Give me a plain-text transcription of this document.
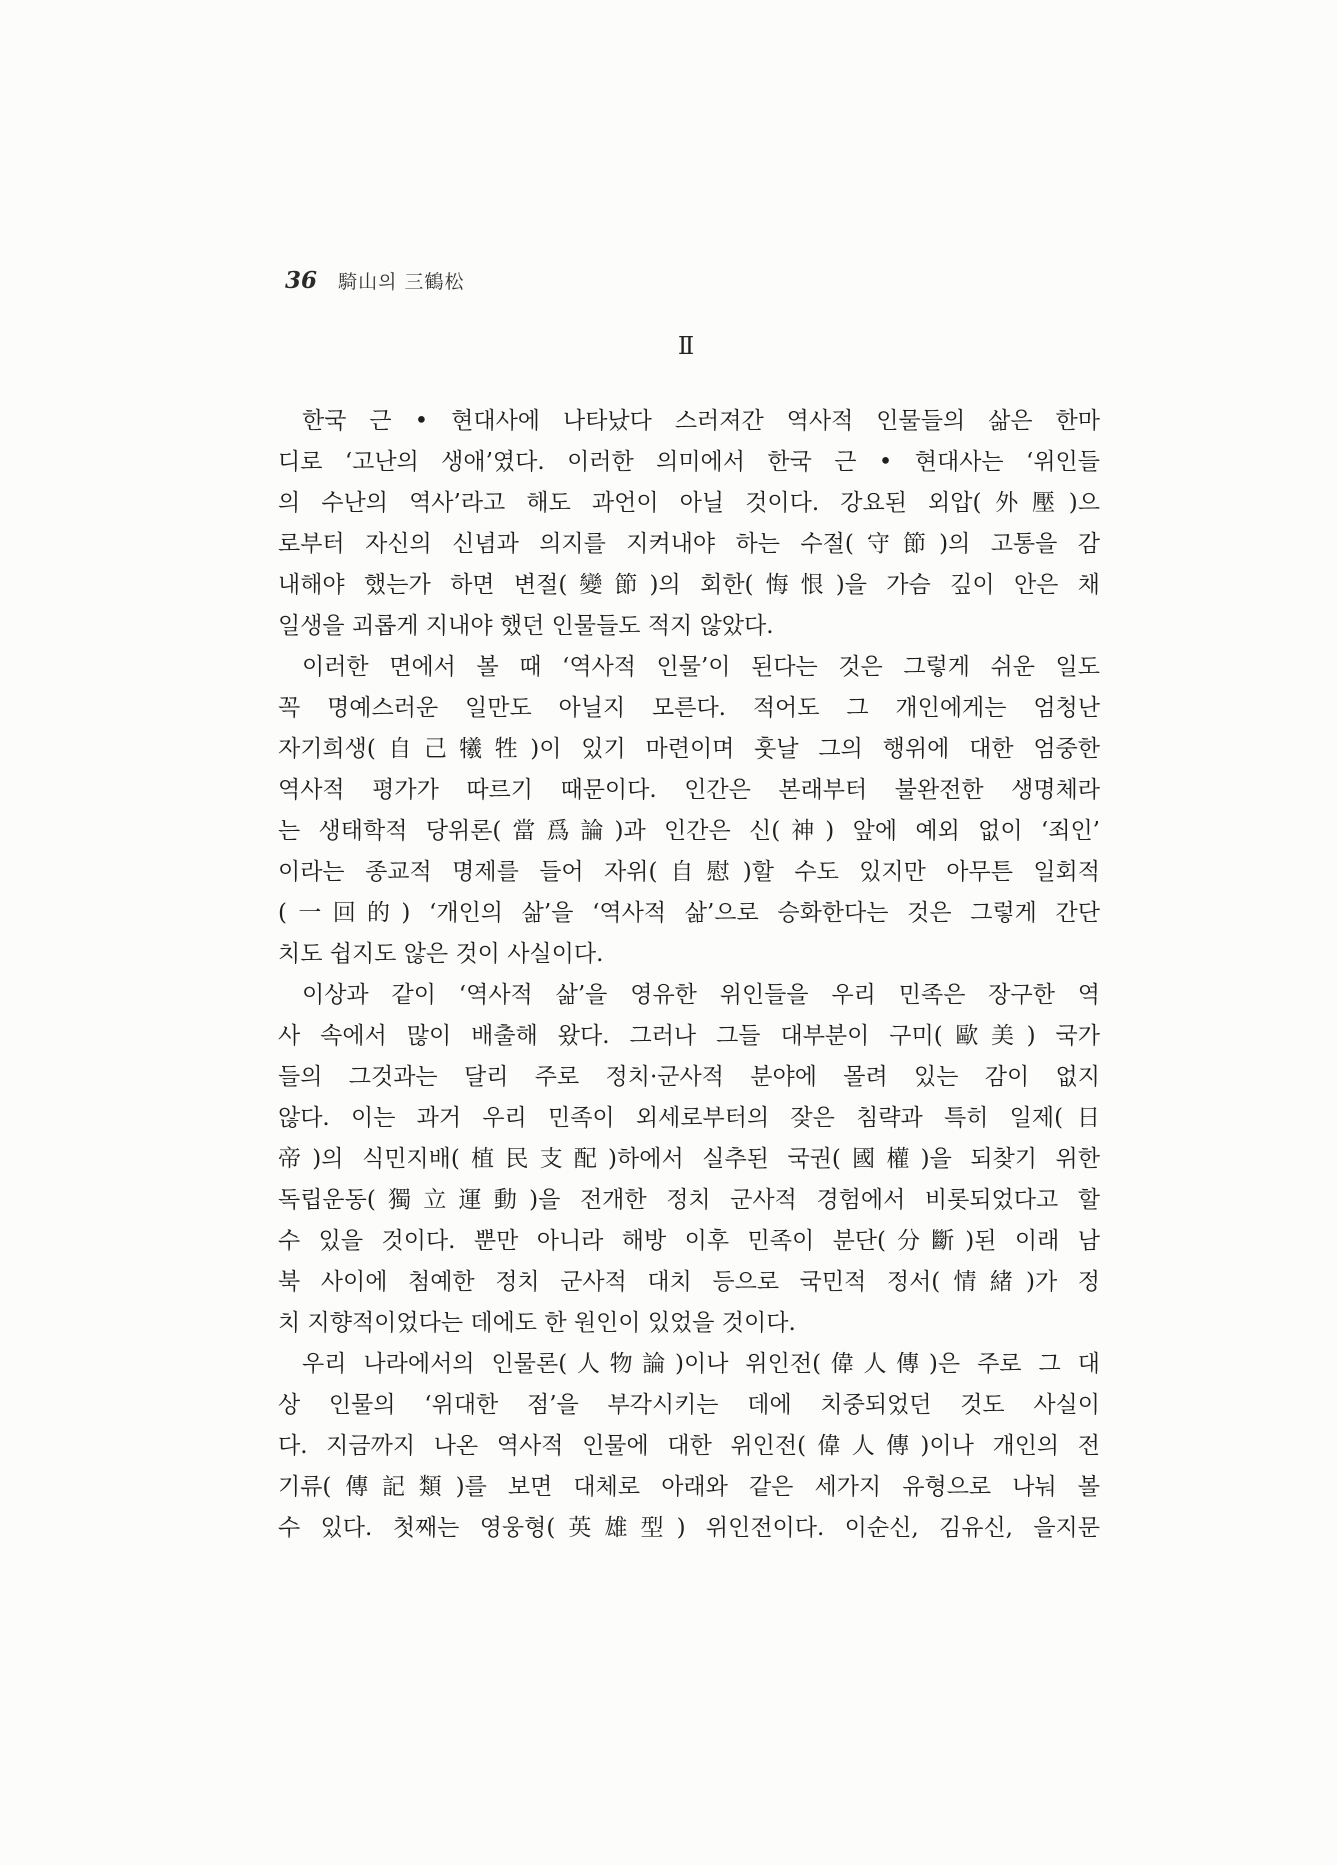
36 騎山의 三鶴松
Ⅱ
한국 근 • 현대사에 나타났다 스러져간 역사적 인물들의 삶은 한마
디로 ‘고난의 생애’였다. 이러한 의미에서 한국 근 • 현대사는 ‘위인들
의 수난의 역사’라고 해도 과언이 아닐 것이다. 강요된 외압(外壓)으
로부터 자신의 신념과 의지를 지켜내야 하는 수절(守節)의 고통을 감
내해야 했는가 하면 변절(變節)의 회한(悔恨)을 가슴 깊이 안은 채
일생을 괴롭게 지내야 했던 인물들도 적지 않았다.
이러한 면에서 볼 때 ‘역사적 인물’이 된다는 것은 그렇게 쉬운 일도
꼭 명예스러운 일만도 아닐지 모른다. 적어도 그 개인에게는 엄청난
자기희생(自己犧牲)이 있기 마련이며 훗날 그의 행위에 대한 엄중한
역사적 평가가 따르기 때문이다. 인간은 본래부터 불완전한 생명체라
는 생태학적 당위론(當爲論)과 인간은 신(神) 앞에 예외 없이 ‘죄인’
이라는 종교적 명제를 들어 자위(自慰)할 수도 있지만 아무튼 일회적
(一回的) ‘개인의 삶’을 ‘역사적 삶’으로 승화한다는 것은 그렇게 간단
치도 쉽지도 않은 것이 사실이다.
이상과 같이 ‘역사적 삶’을 영유한 위인들을 우리 민족은 장구한 역
사 속에서 많이 배출해 왔다. 그러나 그들 대부분이 구미(歐美) 국가
들의 그것과는 달리 주로 정치·군사적 분야에 몰려 있는 감이 없지
않다. 이는 과거 우리 민족이 외세로부터의 잦은 침략과 특히 일제(日
帝)의 식민지배(植民支配)하에서 실추된 국권(國權)을 되찾기 위한
독립운동(獨立運動)을 전개한 정치 군사적 경험에서 비롯되었다고 할
수 있을 것이다. 뿐만 아니라 해방 이후 민족이 분단(分斷)된 이래 남
북 사이에 첨예한 정치 군사적 대치 등으로 국민적 정서(情緒)가 정
치 지향적이었다는 데에도 한 원인이 있었을 것이다.
우리 나라에서의 인물론(人物論)이나 위인전(偉人傳)은 주로 그 대
상 인물의 ‘위대한 점’을 부각시키는 데에 치중되었던 것도 사실이
다. 지금까지 나온 역사적 인물에 대한 위인전(偉人傳)이나 개인의 전
기류(傳記類)를 보면 대체로 아래와 같은 세가지 유형으로 나눠 볼
수 있다. 첫째는 영웅형(英雄型) 위인전이다. 이순신, 김유신, 을지문
